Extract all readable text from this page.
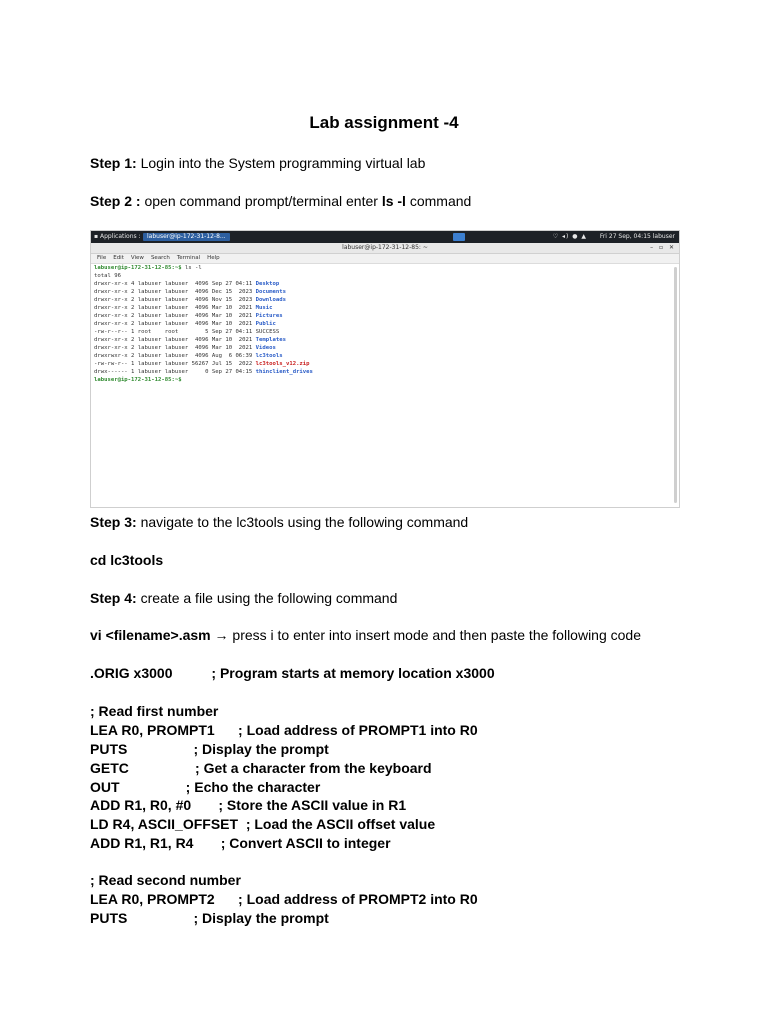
Lab assignment -4
Step 1: Login into the System programming virtual lab
Step 2 : open command prompt/terminal enter ls -l command
▪ Applications :	labuser@ip-172-31-12-8...	♡ ◂) ● ▲ Fri 27 Sep, 04:15 labuser
labuser@ip-172-31-12-85: ~	– ▫ ✕
File Edit View Search Terminal Help
labuser@ip-172-31-12-85:~$ ls -l
total 96
drwxr-xr-x 4 labuser labuser  4096 Sep 27 04:11 Desktop
drwxr-xr-x 2 labuser labuser  4096 Dec 15  2023 Documents
drwxr-xr-x 2 labuser labuser  4096 Nov 15  2023 Downloads
drwxr-xr-x 2 labuser labuser  4096 Mar 10  2021 Music
drwxr-xr-x 2 labuser labuser  4096 Mar 10  2021 Pictures
drwxr-xr-x 2 labuser labuser  4096 Mar 10  2021 Public
-rw-r--r-- 1 root    root        5 Sep 27 04:11 SUCCESS
drwxr-xr-x 2 labuser labuser  4096 Mar 10  2021 Templates
drwxr-xr-x 2 labuser labuser  4096 Mar 10  2021 Videos
drwxrwxr-x 2 labuser labuser  4096 Aug  6 06:39 lc3tools
-rw-rw-r-- 1 labuser labuser 56267 Jul 15  2022 lc3tools_v12.zip
drwx------ 1 labuser labuser     0 Sep 27 04:15 thinclient_drives
labuser@ip-172-31-12-85:~$
Step 3: navigate to the lc3tools using the following command
cd lc3tools
Step 4: create a file using the following command
vi <filename>.asm → press i to enter into insert mode and then paste the following code
.ORIG x3000          ; Program starts at memory location x3000
; Read first number
LEA R0, PROMPT1      ; Load address of PROMPT1 into R0
PUTS                 ; Display the prompt
GETC                 ; Get a character from the keyboard
OUT                 ; Echo the character
ADD R1, R0, #0       ; Store the ASCII value in R1
LD R4, ASCII_OFFSET  ; Load the ASCII offset value
ADD R1, R1, R4       ; Convert ASCII to integer
; Read second number
LEA R0, PROMPT2      ; Load address of PROMPT2 into R0
PUTS                 ; Display the prompt
